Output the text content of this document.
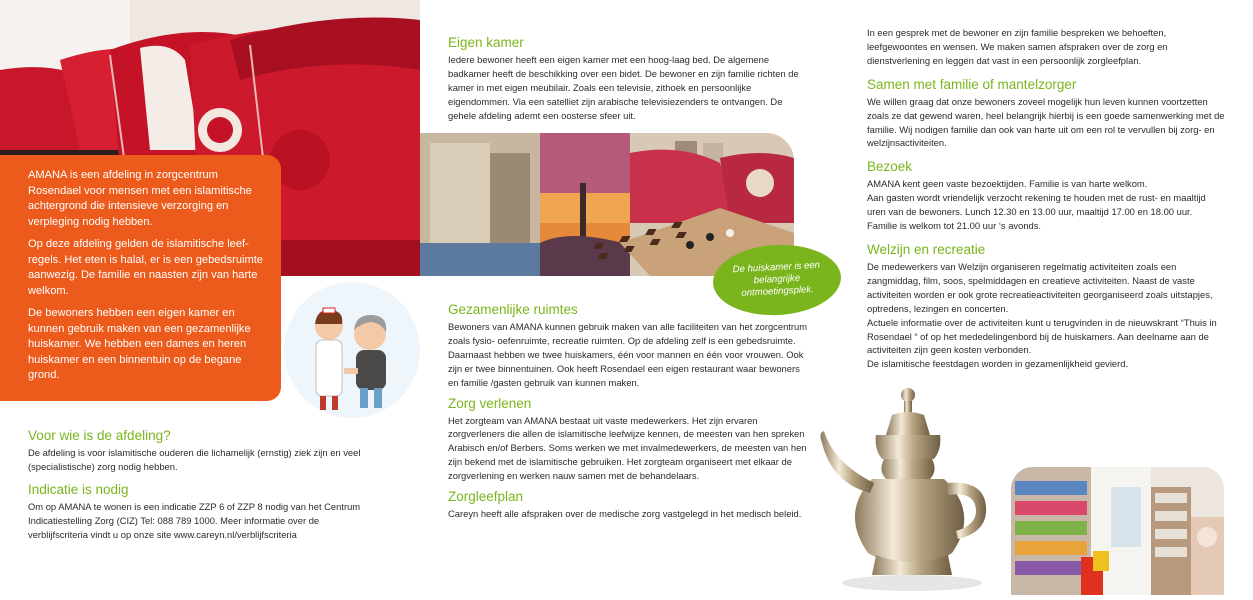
AMANA is een afdeling in zorgcentrum Rosendael voor mensen met een islamitische achtergrond die intensieve verzorging en verpleging nodig hebben.

Op deze afdeling gelden de islamitische leefregels. Het eten is halal, er is een gebedsruimte aanwezig. De familie en naasten zijn van harte welkom.

De bewoners hebben een eigen kamer en kunnen gebruik maken van een gezamenlijke huiskamer. We hebben een dames en heren huiskamer en een binnentuin op de begane grond.

Voor wie is de afdeling?

De afdeling is voor islamitische ouderen die lichamelijk (ernstig) ziek zijn en veel (specialistische) zorg nodig hebben.

Indicatie is nodig

Om op AMANA te wonen is een indicatie ZZP 6 of ZZP 8 nodig van het Centrum Indicatiestelling Zorg (CIZ) Tel: 088 789 1000. Meer informatie over de verblijfscriteria vindt u op onze site www.careyn.nl/verblijfscriteria

Eigen kamer

Iedere bewoner heeft een eigen kamer met een hoog-laag bed. De algemene badkamer heeft de beschikking over een bidet. De bewoner en zijn familie richten de kamer in met eigen meubilair. Zoals een televisie, zithoek en persoonlijke eigendommen. Via een satelliet zijn arabische televisiezenders te ontvangen. De gehele afdeling ademt een oosterse sfeer uit.

De huiskamer is een belangrijke ontmoetingsplek.
Gezamenlijke ruimtes

Bewoners van AMANA kunnen gebruik maken van alle faciliteiten van het zorgcentrum zoals fysio- oefenruimte, recreatie ruimten. Op de afdeling zelf is een gebedsruimte. Daarnaast hebben we twee huiskamers, één voor mannen en één voor vrouwen. Ook zijn er twee binnentuinen. Ook heeft Rosendael een eigen restaurant waar bewoners en familie /gasten gebruik van kunnen maken.

Zorg verlenen

Het zorgteam van AMANA bestaat uit vaste medewerkers. Het zijn ervaren zorgverleners die allen de islamitische leefwijze kennen, de meesten van hen spreken Arabisch en/of Berbers. Soms werken we met invalmedewerkers, de meesten van hen zijn bekend met de islamitische gebruiken. Het zorgteam organiseert met elkaar de zorgverlening en werken nauw samen met de behandelaars.

Zorgleefplan

Careyn heeft alle afspraken over de medische zorg vastgelegd in het medisch beleid.

In een gesprek met de bewoner en zijn familie bespreken we behoeften, leefgewoontes en wensen. We maken samen afspraken over de zorg en dienstverlening en leggen dat vast in een persoonlijk zorgleefplan.

Samen met familie of mantelzorger

We willen graag dat onze bewoners zoveel mogelijk hun leven kunnen voortzetten zoals ze dat gewend waren, heel belangrijk hierbij is een goede samenwerking met de familie. Wij nodigen familie dan ook van harte uit om een rol te vervullen bij zorg- en welzijnsactiviteiten.

Bezoek

AMANA kent geen vaste bezoektijden. Familie is van harte welkom.

Aan gasten wordt vriendelijk verzocht rekening te houden met de rust- en maaltijd uren van de bewoners. Lunch 12.30 en 13.00 uur, maaltijd 17.00 en 18.00 uur. Familie is welkom tot 21.00 uur ‘s avonds.

Welzijn en recreatie

De medewerkers van Welzijn organiseren regelmatig activiteiten zoals een zangmiddag, film, soos, spelmiddagen en creatieve activiteiten. Naast de vaste activiteiten worden er ook grote recreatieactiviteiten georganiseerd zoals uitstapjes, optredens, lezingen en concerten.

Actuele informatie over de activiteiten kunt u terugvinden in de nieuwskrant “Thuis in Rosendael “ of op het mededelingenbord bij de huiskamers. Aan deelname aan de activiteiten zijn geen kosten verbonden.

De islamitische feestdagen worden in gezamenlijkheid gevierd.
